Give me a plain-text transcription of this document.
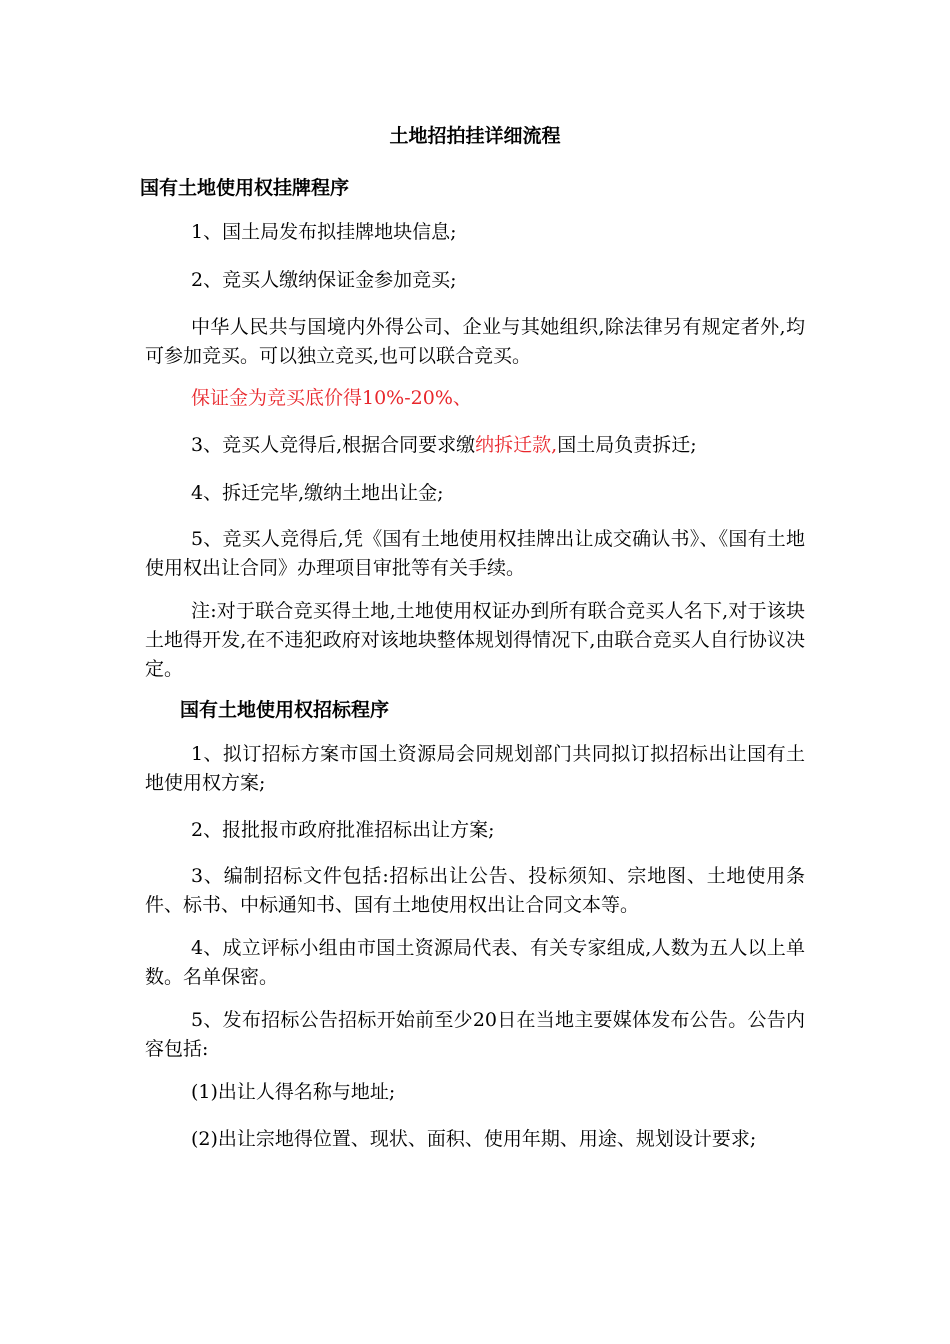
土地招拍挂详细流程
国有土地使用权挂牌程序

1、国土局发布拟挂牌地块信息;

2、竞买人缴纳保证金参加竞买;

中华人民共与国境内外得公司、企业与其她组织,除法律另有规定者外,均可参加竞买。可以独立竞买,也可以联合竞买。

保证金为竞买底价得10%-20%、

3、竞买人竞得后,根据合同要求缴纳拆迁款,国土局负责拆迁;

4、拆迁完毕,缴纳土地出让金;

5、竞买人竞得后,凭《国有土地使用权挂牌出让成交确认书》、《国有土地使用权出让合同》办理项目审批等有关手续。

注:对于联合竞买得土地,土地使用权证办到所有联合竞买人名下,对于该块土地得开发,在不违犯政府对该地块整体规划得情况下,由联合竞买人自行协议决定。

国有土地使用权招标程序

1、拟订招标方案市国土资源局会同规划部门共同拟订拟招标出让国有土地使用权方案;

2、报批报市政府批准招标出让方案;

3、编制招标文件包括:招标出让公告、投标须知、宗地图、土地使用条件、标书、中标通知书、国有土地使用权出让合同文本等。

4、成立评标小组由市国土资源局代表、有关专家组成,人数为五人以上单数。名单保密。

5、发布招标公告招标开始前至少20日在当地主要媒体发布公告。公告内容包括:

(1)出让人得名称与地址;

(2)出让宗地得位置、现状、面积、使用年期、用途、规划设计要求;
